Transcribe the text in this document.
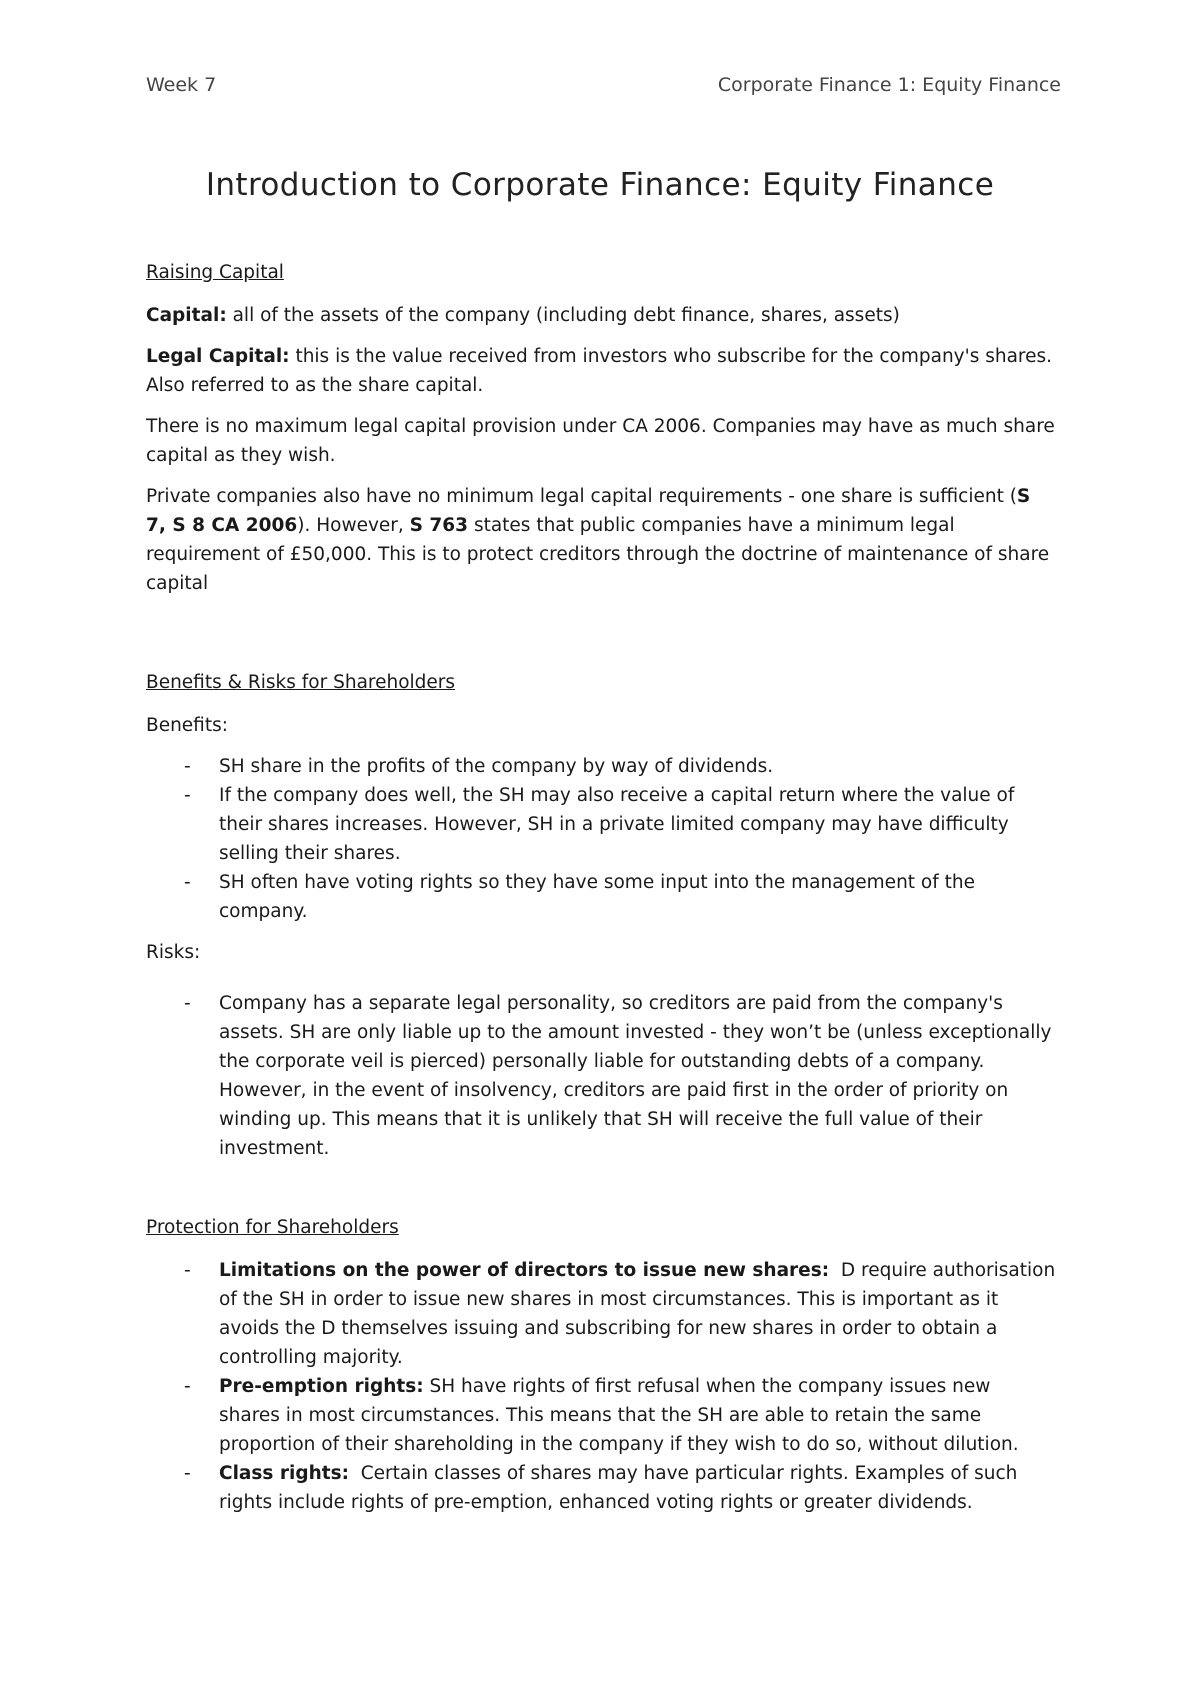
Week 7	Corporate Finance 1: Equity Finance
Introduction to Corporate Finance: Equity Finance

Raising Capital

Capital: all of the assets of the company (including debt finance, shares, assets)

Legal Capital: this is the value received from investors who subscribe for the company's shares. Also referred to as the share capital.

There is no maximum legal capital provision under CA 2006. Companies may have as much share capital as they wish.

Private companies also have no minimum legal capital requirements - one share is sufficient (S 7, S 8 CA 2006). However, S 763 states that public companies have a minimum legal requirement of £50,000. This is to protect creditors through the doctrine of maintenance of share capital

Benefits & Risks for Shareholders

Benefits:

- SH share in the profits of the company by way of dividends.
- If the company does well, the SH may also receive a capital return where the value of their shares increases. However, SH in a private limited company may have difficulty selling their shares.
- SH often have voting rights so they have some input into the management of the company.

Risks:

- Company has a separate legal personality, so creditors are paid from the company's assets. SH are only liable up to the amount invested - they won’t be (unless exceptionally the corporate veil is pierced) personally liable for outstanding debts of a company. However, in the event of insolvency, creditors are paid first in the order of priority on winding up. This means that it is unlikely that SH will receive the full value of their investment.

Protection for Shareholders

- Limitations on the power of directors to issue new shares:  D require authorisation of the SH in order to issue new shares in most circumstances. This is important as it avoids the D themselves issuing and subscribing for new shares in order to obtain a controlling majority.
- Pre-emption rights: SH have rights of first refusal when the company issues new shares in most circumstances. This means that the SH are able to retain the same proportion of their shareholding in the company if they wish to do so, without dilution.
- Class rights:  Certain classes of shares may have particular rights. Examples of such rights include rights of pre-emption, enhanced voting rights or greater dividends.
